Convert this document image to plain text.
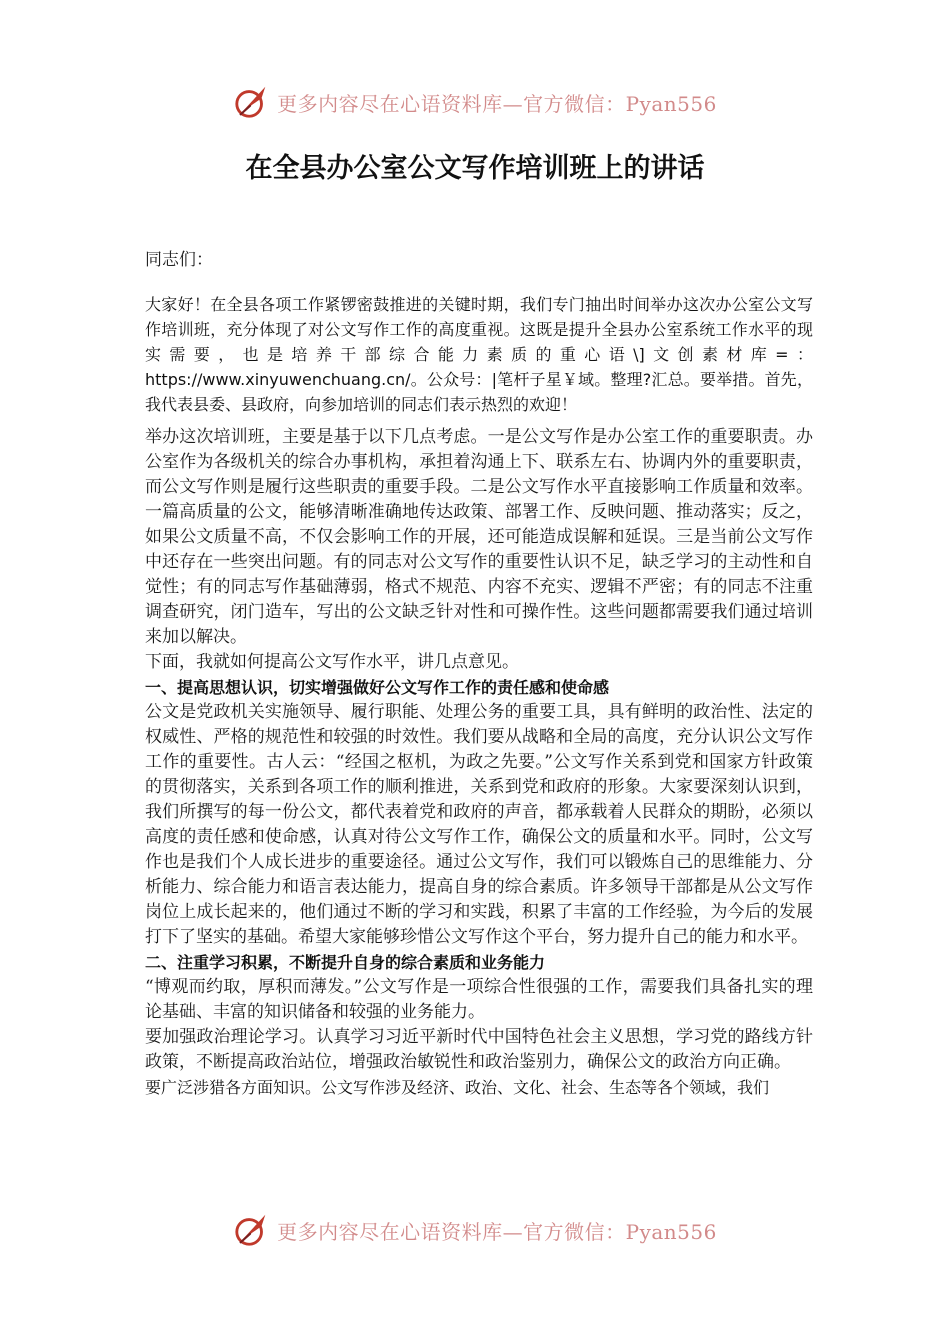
更多内容尽在心语资料库—官方微信：Pyan556
在全县办公室公文写作培训班上的讲话

同志们：

大家好！在全县各项工作紧锣密鼓推进的关键时期，我们专门抽出时间举办这次办公室公文写作培训班，充分体现了对公文写作工作的高度重视。这既是提升全县办公室系统工作水平的现实需要，也是培养干部综合能力素质的重心语\]文创素材库=： https://www.xinyuwenchuang.cn/。公众号：|笔杆子星￥域。整理?汇总。要举措。首先，我代表县委、县政府，向参加培训的同志们表示热烈的欢迎！

举办这次培训班，主要是基于以下几点考虑。一是公文写作是办公室工作的重要职责。办公室作为各级机关的综合办事机构，承担着沟通上下、联系左右、协调内外的重要职责，而公文写作则是履行这些职责的重要手段。二是公文写作水平直接影响工作质量和效率。一篇高质量的公文，能够清晰准确地传达政策、部署工作、反映问题、推动落实；反之，如果公文质量不高，不仅会影响工作的开展，还可能造成误解和延误。三是当前公文写作中还存在一些突出问题。有的同志对公文写作的重要性认识不足，缺乏学习的主动性和自觉性；有的同志写作基础薄弱，格式不规范、内容不充实、逻辑不严密；有的同志不注重调查研究，闭门造车，写出的公文缺乏针对性和可操作性。这些问题都需要我们通过培训来加以解决。

下面，我就如何提高公文写作水平，讲几点意见。

一、提高思想认识，切实增强做好公文写作工作的责任感和使命感

公文是党政机关实施领导、履行职能、处理公务的重要工具，具有鲜明的政治性、法定的权威性、严格的规范性和较强的时效性。我们要从战略和全局的高度，充分认识公文写作工作的重要性。古人云：“经国之枢机，为政之先要。”公文写作关系到党和国家方针政策的贯彻落实，关系到各项工作的顺利推进，关系到党和政府的形象。大家要深刻认识到，我们所撰写的每一份公文，都代表着党和政府的声音，都承载着人民群众的期盼，必须以高度的责任感和使命感，认真对待公文写作工作，确保公文的质量和水平。同时，公文写作也是我们个人成长进步的重要途径。通过公文写作，我们可以锻炼自己的思维能力、分析能力、综合能力和语言表达能力，提高自身的综合素质。许多领导干部都是从公文写作岗位上成长起来的，他们通过不断的学习和实践，积累了丰富的工作经验，为今后的发展打下了坚实的基础。希望大家能够珍惜公文写作这个平台，努力提升自己的能力和水平。

二、注重学习积累，不断提升自身的综合素质和业务能力

“博观而约取，厚积而薄发。”公文写作是一项综合性很强的工作，需要我们具备扎实的理论基础、丰富的知识储备和较强的业务能力。

要加强政治理论学习。认真学习习近平新时代中国特色社会主义思想，学习党的路线方针政策，不断提高政治站位，增强政治敏锐性和政治鉴别力，确保公文的政治方向正确。

要广泛涉猎各方面知识。公文写作涉及经济、政治、文化、社会、生态等各个领域，我们

更多内容尽在心语资料库—官方微信：Pyan556
